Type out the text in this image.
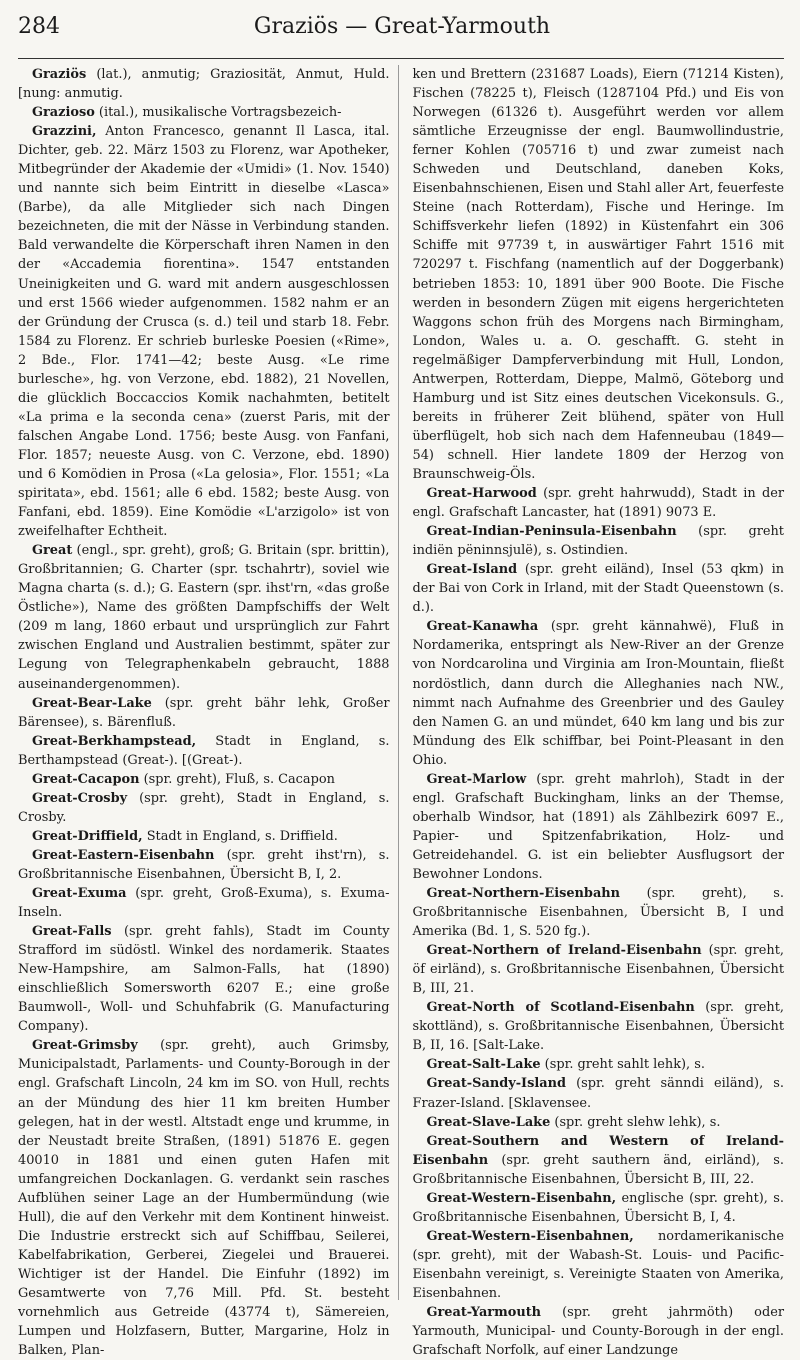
284	Graziös — Great-Yarmouth

Graziös (lat.), anmutig; Graziosität, Anmut, Huld. [nung: anmutig.

Grazioso (ital.), musikalische Vortragsbezeich-

Grazzini, Anton Francesco, genannt Il Lasca, ital. Dichter, geb. 22. März 1503 zu Florenz, war Apotheker, Mitbegründer der Akademie der «Umidi» (1. Nov. 1540) und nannte sich beim Eintritt in dieselbe «Lasca» (Barbe), da alle Mitglieder sich nach Dingen bezeichneten, die mit der Nässe in Verbindung standen. Bald verwandelte die Körperschaft ihren Namen in den der «Accademia fiorentina». 1547 entstanden Uneinigkeiten und G. ward mit andern ausgeschlossen und erst 1566 wieder aufgenommen. 1582 nahm er an der Gründung der Crusca (s. d.) teil und starb 18. Febr. 1584 zu Florenz. Er schrieb burleske Poesien («Rime», 2 Bde., Flor. 1741—42; beste Ausg. «Le rime burlesche», hg. von Verzone, ebd. 1882), 21 Novellen, die glücklich Boccaccios Komik nachahmten, betitelt «La prima e la seconda cena» (zuerst Paris, mit der falschen Angabe Lond. 1756; beste Ausg. von Fanfani, Flor. 1857; neueste Ausg. von C. Verzone, ebd. 1890) und 6 Komödien in Prosa («La gelosia», Flor. 1551; «La spiritata», ebd. 1561; alle 6 ebd. 1582; beste Ausg. von Fanfani, ebd. 1859). Eine Komödie «L'arzigolo» ist von zweifelhafter Echtheit.

Great (engl., spr. greht), groß; G. Britain (spr. brittin), Großbritannien; G. Charter (spr. tschahrtr), soviel wie Magna charta (s. d.); G. Eastern (spr. ihst'rn, «das große Östliche»), Name des größten Dampfschiffs der Welt (209 m lang, 1860 erbaut und ursprünglich zur Fahrt zwischen England und Australien bestimmt, später zur Legung von Telegraphenkabeln gebraucht, 1888 auseinandergenommen).

Great-Bear-Lake (spr. greht bähr lehk, Großer Bärensee), s. Bärenfluß.

Great-Berkhampstead, Stadt in England, s. Berthampstead (Great-). [(Great-).

Great-Cacapon (spr. greht), Fluß, s. Cacapon

Great-Crosby (spr. greht), Stadt in England, s. Crosby.

Great-Driffield, Stadt in England, s. Driffield.

Great-Eastern-Eisenbahn (spr. greht ihst'rn), s. Großbritannische Eisenbahnen, Übersicht B, I, 2.

Great-Exuma (spr. greht, Groß-Exuma), s. Exuma-Inseln.

Great-Falls (spr. greht fahls), Stadt im County Strafford im südöstl. Winkel des nordamerik. Staates New-Hampshire, am Salmon-Falls, hat (1890) einschließlich Somersworth 6207 E.; eine große Baumwoll-, Woll- und Schuhfabrik (G. Manufacturing Company).

Great-Grimsby (spr. greht), auch Grimsby, Municipalstadt, Parlaments- und County-Borough in der engl. Grafschaft Lincoln, 24 km im SO. von Hull, rechts an der Mündung des hier 11 km breiten Humber gelegen, hat in der westl. Altstadt enge und krumme, in der Neustadt breite Straßen, (1891) 51876 E. gegen 40010 in 1881 und einen guten Hafen mit umfangreichen Dockanlagen. G. verdankt sein rasches Aufblühen seiner Lage an der Humbermündung (wie Hull), die auf den Verkehr mit dem Kontinent hinweist. Die Industrie erstreckt sich auf Schiffbau, Seilerei, Kabelfabrikation, Gerberei, Ziegelei und Brauerei. Wichtiger ist der Handel. Die Einfuhr (1892) im Gesamtwerte von 7,76 Mill. Pfd. St. besteht vornehmlich aus Getreide (43774 t), Sämereien, Lumpen und Holzfasern, Butter, Margarine, Holz in Balken, Plan-

ken und Brettern (231687 Loads), Eiern (71214 Kisten), Fischen (78225 t), Fleisch (1287104 Pfd.) und Eis von Norwegen (61326 t). Ausgeführt werden vor allem sämtliche Erzeugnisse der engl. Baumwollindustrie, ferner Kohlen (705716 t) und zwar zumeist nach Schweden und Deutschland, daneben Koks, Eisenbahnschienen, Eisen und Stahl aller Art, feuerfeste Steine (nach Rotterdam), Fische und Heringe. Im Schiffsverkehr liefen (1892) in Küstenfahrt ein 306 Schiffe mit 97739 t, in auswärtiger Fahrt 1516 mit 720297 t. Fischfang (namentlich auf der Doggerbank) betrieben 1853: 10, 1891 über 900 Boote. Die Fische werden in besondern Zügen mit eigens hergerichteten Waggons schon früh des Morgens nach Birmingham, London, Wales u. a. O. geschafft. G. steht in regelmäßiger Dampferverbindung mit Hull, London, Antwerpen, Rotterdam, Dieppe, Malmö, Göteborg und Hamburg und ist Sitz eines deutschen Vicekonsuls. G., bereits in früherer Zeit blühend, später von Hull überflügelt, hob sich nach dem Hafenneubau (1849—54) schnell. Hier landete 1809 der Herzog von Braunschweig-Öls.

Great-Harwood (spr. greht hahrwudd), Stadt in der engl. Grafschaft Lancaster, hat (1891) 9073 E.

Great-Indian-Peninsula-Eisenbahn (spr. greht indiën pëninnsjulë), s. Ostindien.

Great-Island (spr. greht eiländ), Insel (53 qkm) in der Bai von Cork in Irland, mit der Stadt Queenstown (s. d.).

Great-Kanawha (spr. greht kännahwë), Fluß in Nordamerika, entspringt als New-River an der Grenze von Nordcarolina und Virginia am Iron-Mountain, fließt nordöstlich, dann durch die Alleghanies nach NW., nimmt nach Aufnahme des Greenbrier und des Gauley den Namen G. an und mündet, 640 km lang und bis zur Mündung des Elk schiffbar, bei Point-Pleasant in den Ohio.

Great-Marlow (spr. greht mahrloh), Stadt in der engl. Grafschaft Buckingham, links an der Themse, oberhalb Windsor, hat (1891) als Zählbezirk 6097 E., Papier- und Spitzenfabrikation, Holz- und Getreidehandel. G. ist ein beliebter Ausflugsort der Bewohner Londons.

Great-Northern-Eisenbahn (spr. greht), s. Großbritannische Eisenbahnen, Übersicht B, I und Amerika (Bd. 1, S. 520 fg.).

Great-Northern of Ireland-Eisenbahn (spr. greht, öf eirländ), s. Großbritannische Eisenbahnen, Übersicht B, III, 21.

Great-North of Scotland-Eisenbahn (spr. greht, skottländ), s. Großbritannische Eisenbahnen, Übersicht B, II, 16. [Salt-Lake.

Great-Salt-Lake (spr. greht sahlt lehk), s.

Great-Sandy-Island (spr. greht sänndi eiländ), s. Frazer-Island. [Sklavensee.

Great-Slave-Lake (spr. greht slehw lehk), s.

Great-Southern and Western of Ireland-Eisenbahn (spr. greht sauthern änd, eirländ), s. Großbritannische Eisenbahnen, Übersicht B, III, 22.

Great-Western-Eisenbahn, englische (spr. greht), s. Großbritannische Eisenbahnen, Übersicht B, I, 4.

Great-Western-Eisenbahnen, nordamerikanische (spr. greht), mit der Wabash-St. Louis- und Pacific-Eisenbahn vereinigt, s. Vereinigte Staaten von Amerika, Eisenbahnen.

Great-Yarmouth (spr. greht jahrmöth) oder Yarmouth, Municipal- und County-Borough in der engl. Grafschaft Norfolk, auf einer Landzunge
